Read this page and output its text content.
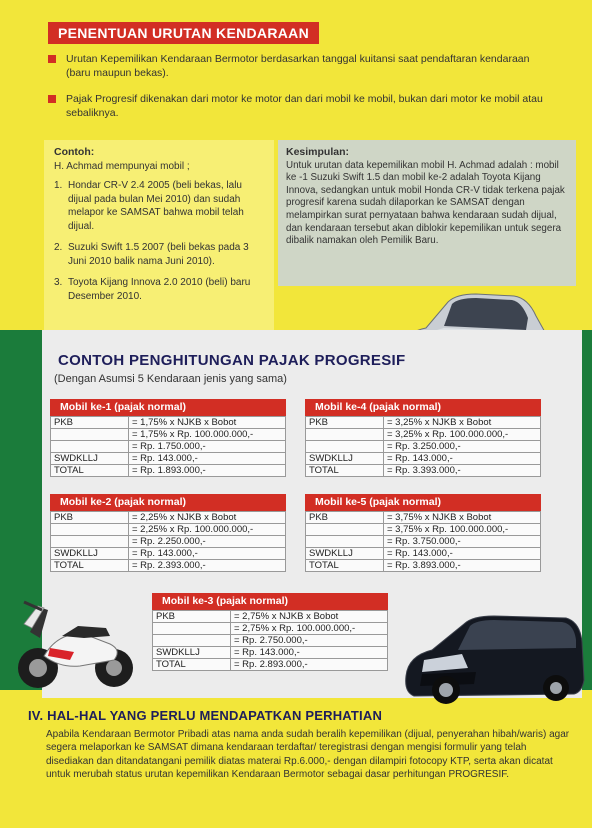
PENENTUAN URUTAN KENDARAAN
Urutan Kepemilikan Kendaraan Bermotor berdasarkan tanggal kuitansi saat pendaftaran kendaraan (baru maupun bekas).
Pajak Progresif dikenakan dari motor ke motor dan dari mobil ke mobil, bukan dari motor ke mobil atau sebaliknya.
Contoh:
H. Achmad mempunyai mobil ;
1. Hondar CR-V 2.4 2005 (beli bekas, lalu dijual pada bulan Mei 2010) dan sudah melapor ke SAMSAT bahwa mobil telah dijual.
2. Suzuki Swift 1.5 2007 (beli bekas pada 3 Juni 2010 balik nama Juni 2010).
3. Toyota Kijang Innova 2.0 2010 (beli) baru Desember 2010.
Kesimpulan:
Untuk urutan data kepemilikan mobil H. Achmad adalah : mobil ke -1 Suzuki Swift 1.5 dan mobil ke-2 adalah Toyota Kijang Innova, sedangkan untuk mobil Honda CR-V tidak terkena pajak progresif karena sudah dilaporkan ke SAMSAT dengan melampirkan surat pernyataan bahwa kendaraan sudah dijual, dan kendaraan tersebut akan diblokir kepemilikan untuk segera dibalik namakan oleh Pemilik Baru.
CONTOH PENGHITUNGAN PAJAK PROGRESIF
(Dengan Asumsi 5 Kendaraan jenis yang sama)
Mobil ke-1 (pajak normal)
PKB	= 1,75% x NJKB x Bobot
	= 1,75% x Rp. 100.000.000,-
	= Rp. 1.750.000,-
SWDKLLJ	= Rp. 143.000,-
TOTAL	= Rp. 1.893.000,-
Mobil ke-4 (pajak normal)
PKB	= 3,25% x NJKB x Bobot
	= 3,25% x Rp. 100.000.000,-
	= Rp. 3.250.000,-
SWDKLLJ	= Rp. 143.000,-
TOTAL	= Rp. 3.393.000,-
Mobil ke-2 (pajak normal)
PKB	= 2,25% x NJKB x Bobot
	= 2,25% x Rp. 100.000.000,-
	= Rp. 2.250.000,-
SWDKLLJ	= Rp. 143.000,-
TOTAL	= Rp. 2.393.000,-
Mobil ke-5 (pajak normal)
PKB	= 3,75% x NJKB x Bobot
	= 3,75% x Rp. 100.000.000,-
	= Rp. 3.750.000,-
SWDKLLJ	= Rp. 143.000,-
TOTAL	= Rp. 3.893.000,-
Mobil ke-3 (pajak normal)
PKB	= 2,75% x NJKB x Bobot
	= 2,75% x Rp. 100.000.000,-
	= Rp. 2.750.000,-
SWDKLLJ	= Rp. 143.000,-
TOTAL	= Rp. 2.893.000,-
IV. HAL-HAL YANG PERLU MENDAPATKAN PERHATIAN
Apabila Kendaraan Bermotor Pribadi atas nama anda sudah beralih kepemilikan (dijual, penyerahan hibah/waris) agar segera melaporkan ke SAMSAT dimana kendaraan terdaftar/ teregistrasi dengan mengisi formulir yang telah disediakan dan ditandatangani pemilik diatas materai Rp.6.000,- dengan dilampiri fotocopy KTP, serta akan dicatat untuk merubah status urutan kepemilikan Kendaraan Bermotor sebagai dasar perhitungan PROGRESIF.
